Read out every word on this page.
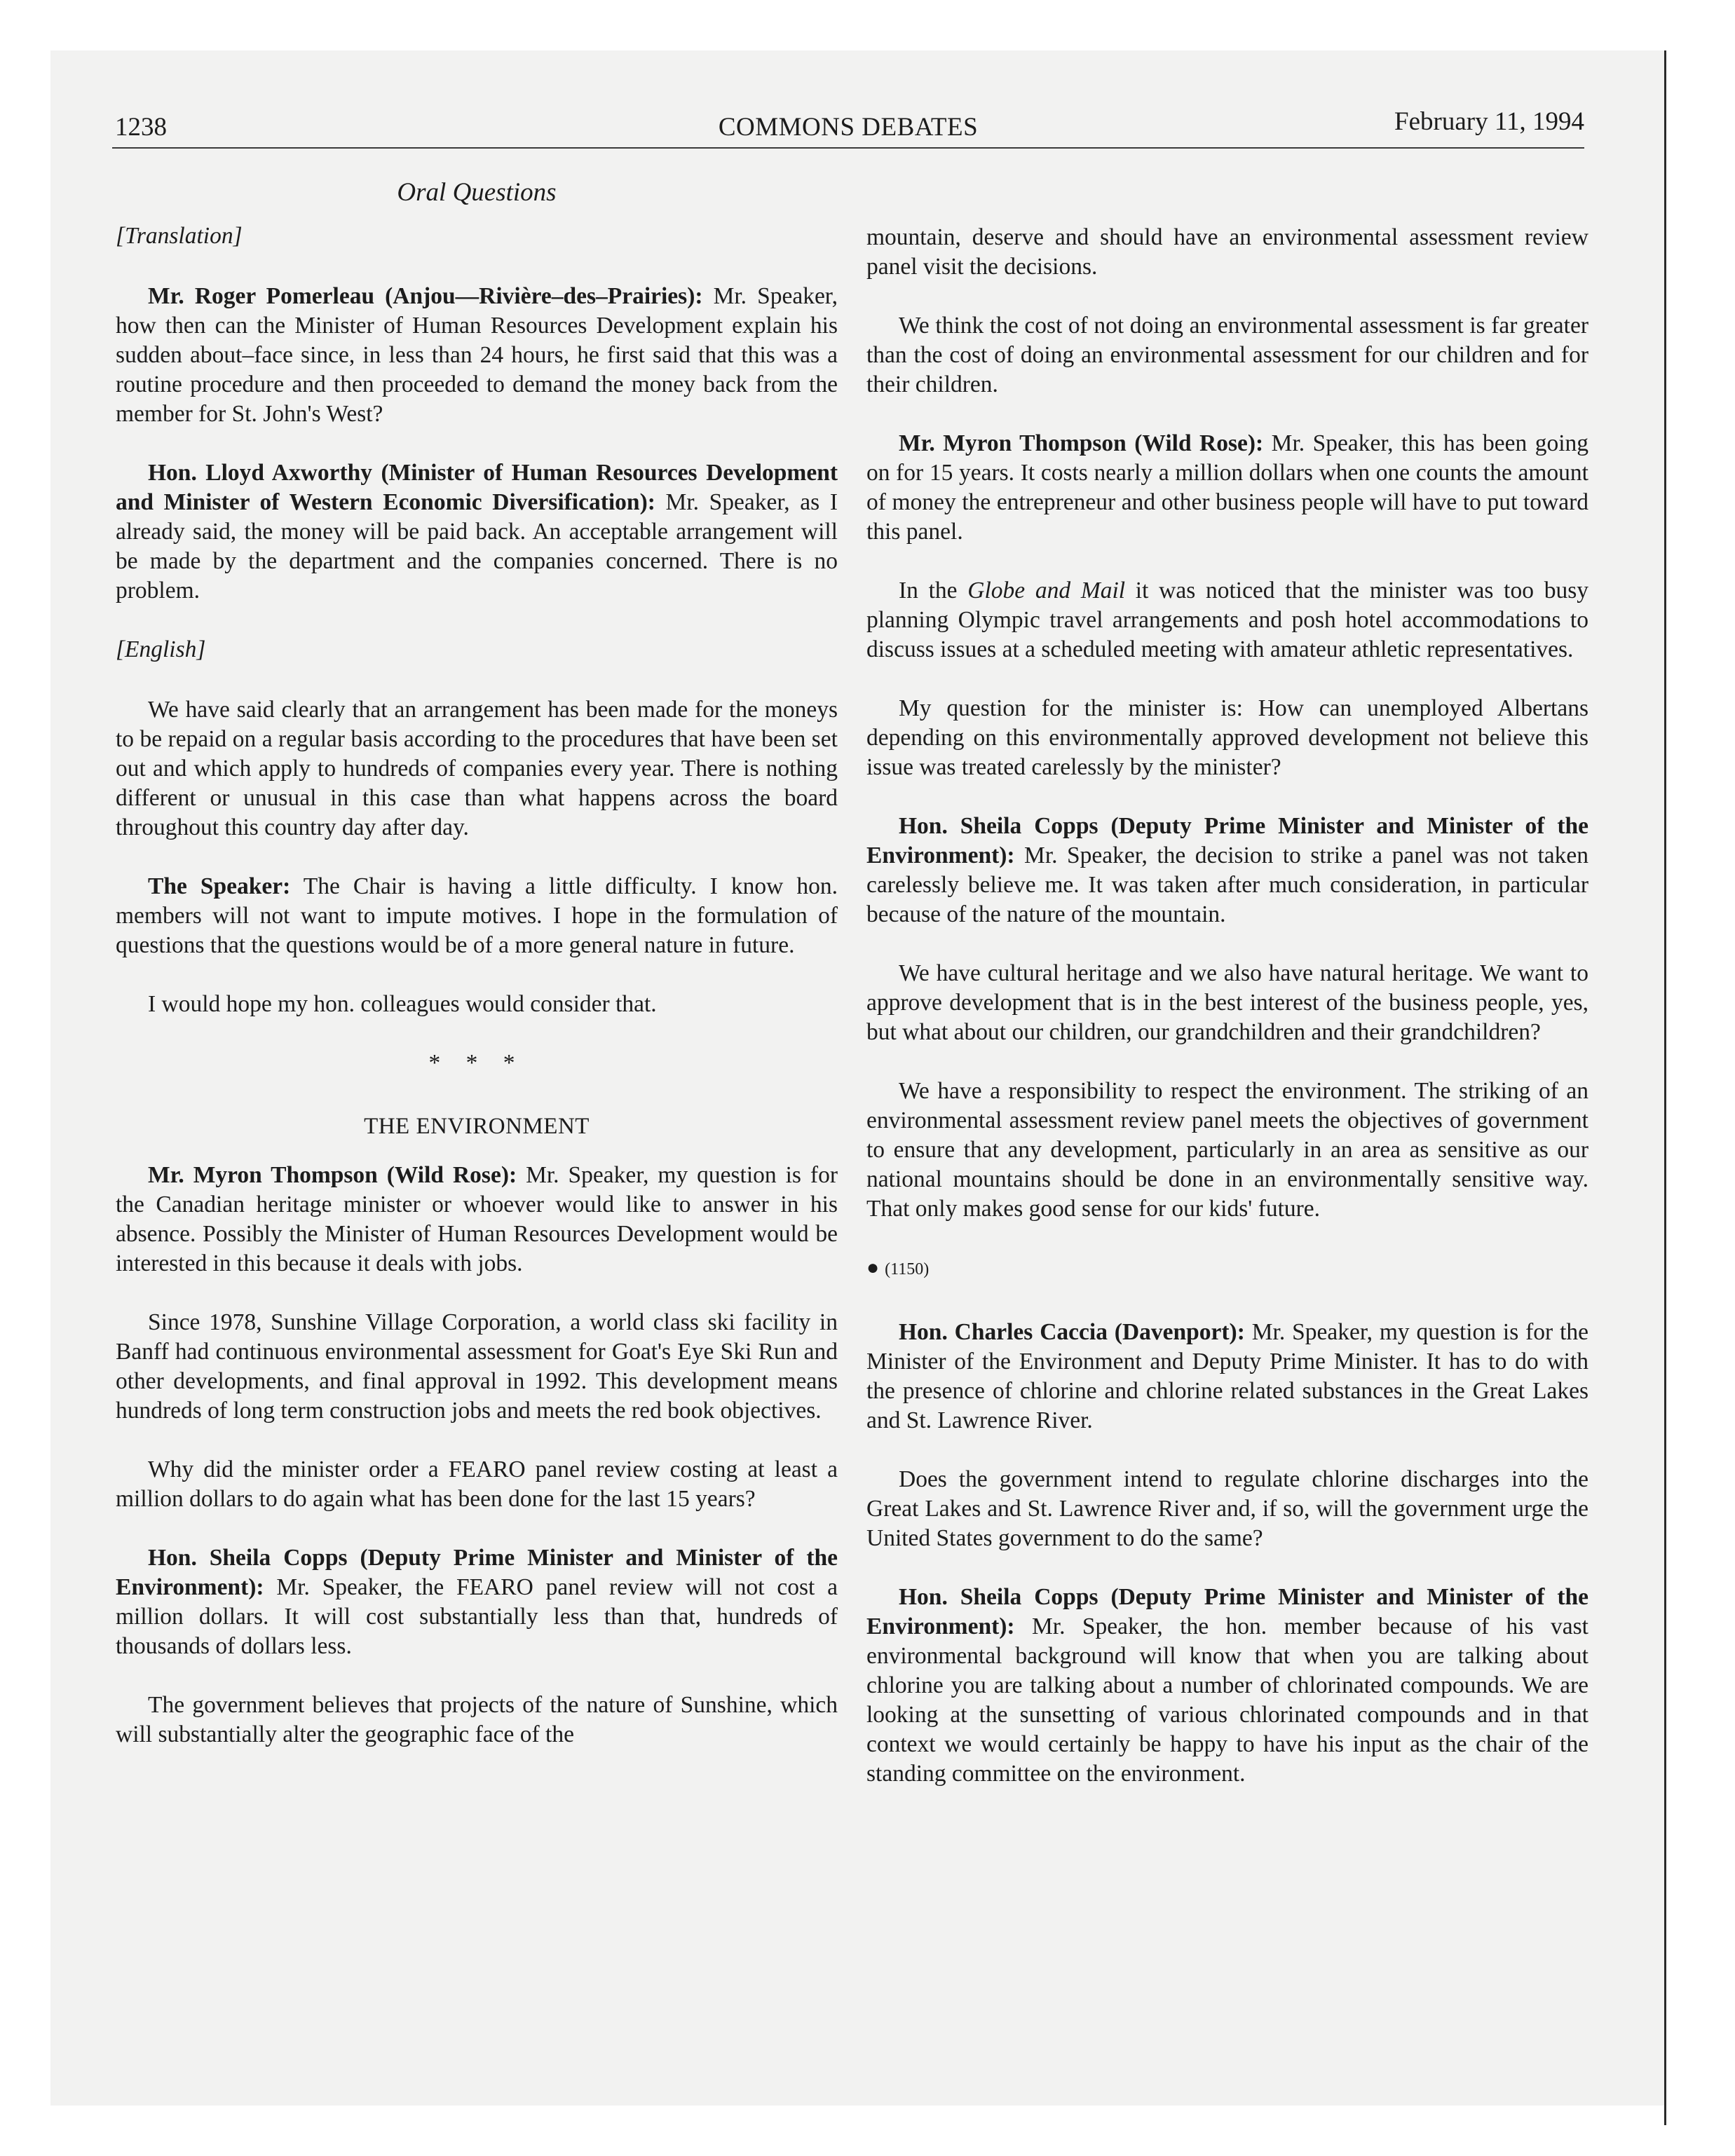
1238	COMMONS DEBATES	February 11, 1994
Oral Questions

[Translation]

Mr. Roger Pomerleau (Anjou—Rivière–des–Prairies): Mr. Speaker, how then can the Minister of Human Resources Development explain his sudden about–face since, in less than 24 hours, he first said that this was a routine procedure and then proceeded to demand the money back from the member for St. John's West?

Hon. Lloyd Axworthy (Minister of Human Resources Development and Minister of Western Economic Diversification): Mr. Speaker, as I already said, the money will be paid back. An acceptable arrangement will be made by the department and the companies concerned. There is no problem.

[English]

We have said clearly that an arrangement has been made for the moneys to be repaid on a regular basis according to the procedures that have been set out and which apply to hundreds of companies every year. There is nothing different or unusual in this case than what happens across the board throughout this country day after day.

The Speaker: The Chair is having a little difficulty. I know hon. members will not want to impute motives. I hope in the formulation of questions that the questions would be of a more general nature in future.

I would hope my hon. colleagues would consider that.

* * *

THE ENVIRONMENT

Mr. Myron Thompson (Wild Rose): Mr. Speaker, my question is for the Canadian heritage minister or whoever would like to answer in his absence. Possibly the Minister of Human Resources Development would be interested in this because it deals with jobs.

Since 1978, Sunshine Village Corporation, a world class ski facility in Banff had continuous environmental assessment for Goat's Eye Ski Run and other developments, and final approval in 1992. This development means hundreds of long term construction jobs and meets the red book objectives.

Why did the minister order a FEARO panel review costing at least a million dollars to do again what has been done for the last 15 years?

Hon. Sheila Copps (Deputy Prime Minister and Minister of the Environment): Mr. Speaker, the FEARO panel review will not cost a million dollars. It will cost substantially less than that, hundreds of thousands of dollars less.

The government believes that projects of the nature of Sunshine, which will substantially alter the geographic face of the

mountain, deserve and should have an environmental assessment review panel visit the decisions.

We think the cost of not doing an environmental assessment is far greater than the cost of doing an environmental assessment for our children and for their children.

Mr. Myron Thompson (Wild Rose): Mr. Speaker, this has been going on for 15 years. It costs nearly a million dollars when one counts the amount of money the entrepreneur and other business people will have to put toward this panel.

In the Globe and Mail it was noticed that the minister was too busy planning Olympic travel arrangements and posh hotel accommodations to discuss issues at a scheduled meeting with amateur athletic representatives.

My question for the minister is: How can unemployed Albertans depending on this environmentally approved development not believe this issue was treated carelessly by the minister?

Hon. Sheila Copps (Deputy Prime Minister and Minister of the Environment): Mr. Speaker, the decision to strike a panel was not taken carelessly believe me. It was taken after much consideration, in particular because of the nature of the mountain.

We have cultural heritage and we also have natural heritage. We want to approve development that is in the best interest of the business people, yes, but what about our children, our grandchildren and their grandchildren?

We have a responsibility to respect the environment. The striking of an environmental assessment review panel meets the objectives of government to ensure that any development, particularly in an area as sensitive as our national mountains should be done in an environmentally sensitive way. That only makes good sense for our kids' future.

● (1150)

Hon. Charles Caccia (Davenport): Mr. Speaker, my question is for the Minister of the Environment and Deputy Prime Minister. It has to do with the presence of chlorine and chlorine related substances in the Great Lakes and St. Lawrence River.

Does the government intend to regulate chlorine discharges into the Great Lakes and St. Lawrence River and, if so, will the government urge the United States government to do the same?

Hon. Sheila Copps (Deputy Prime Minister and Minister of the Environment): Mr. Speaker, the hon. member because of his vast environmental background will know that when you are talking about chlorine you are talking about a number of chlorinated compounds. We are looking at the sunsetting of various chlorinated compounds and in that context we would certainly be happy to have his input as the chair of the standing committee on the environment.
